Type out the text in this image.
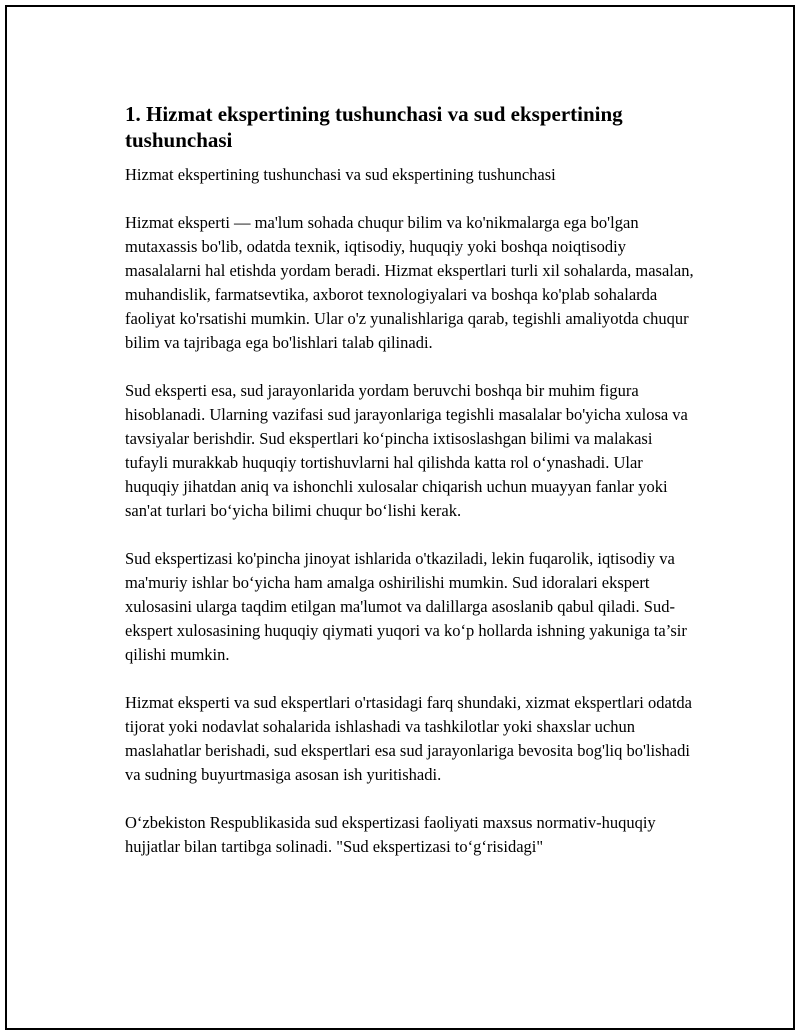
1. Hizmat ekspertining tushunchasi va sud ekspertining tushunchasi

Hizmat ekspertining tushunchasi va sud ekspertining tushunchasi

Hizmat eksperti — ma'lum sohada chuqur bilim va ko'nikmalarga ega bo'lgan mutaxassis bo'lib, odatda texnik, iqtisodiy, huquqiy yoki boshqa noiqtisodiy masalalarni hal etishda yordam beradi. Hizmat ekspertlari turli xil sohalarda, masalan, muhandislik, farmatsevtika, axborot texnologiyalari va boshqa ko'plab sohalarda faoliyat ko'rsatishi mumkin. Ular o'z yunalishlariga qarab, tegishli amaliyotda chuqur bilim va tajribaga ega bo'lishlari talab qilinadi.

Sud eksperti esa, sud jarayonlarida yordam beruvchi boshqa bir muhim figura hisoblanadi. Ularning vazifasi sud jarayonlariga tegishli masalalar bo'yicha xulosa va tavsiyalar berishdir. Sud ekspertlari ko‘pincha ixtisoslashgan bilimi va malakasi tufayli murakkab huquqiy tortishuvlarni hal qilishda katta rol o‘ynashadi. Ular huquqiy jihatdan aniq va ishonchli xulosalar chiqarish uchun muayyan fanlar yoki san'at turlari bo‘yicha bilimi chuqur bo‘lishi kerak.

Sud ekspertizasi ko'pincha jinoyat ishlarida o'tkaziladi, lekin fuqarolik, iqtisodiy va ma'muriy ishlar bo‘yicha ham amalga oshirilishi mumkin. Sud idoralari ekspert xulosasini ularga taqdim etilgan ma'lumot va dalillarga asoslanib qabul qiladi. Sud-ekspert xulosasining huquqiy qiymati yuqori va ko‘p hollarda ishning yakuniga ta’sir qilishi mumkin.

Hizmat eksperti va sud ekspertlari o'rtasidagi farq shundaki, xizmat ekspertlari odatda tijorat yoki nodavlat sohalarida ishlashadi va tashkilotlar yoki shaxslar uchun maslahatlar berishadi, sud ekspertlari esa sud jarayonlariga bevosita bog'liq bo'lishadi va sudning buyurtmasiga asosan ish yuritishadi.

O‘zbekiston Respublikasida sud ekspertizasi faoliyati maxsus normativ-huquqiy hujjatlar bilan tartibga solinadi. "Sud ekspertizasi to‘g‘risidagi"
